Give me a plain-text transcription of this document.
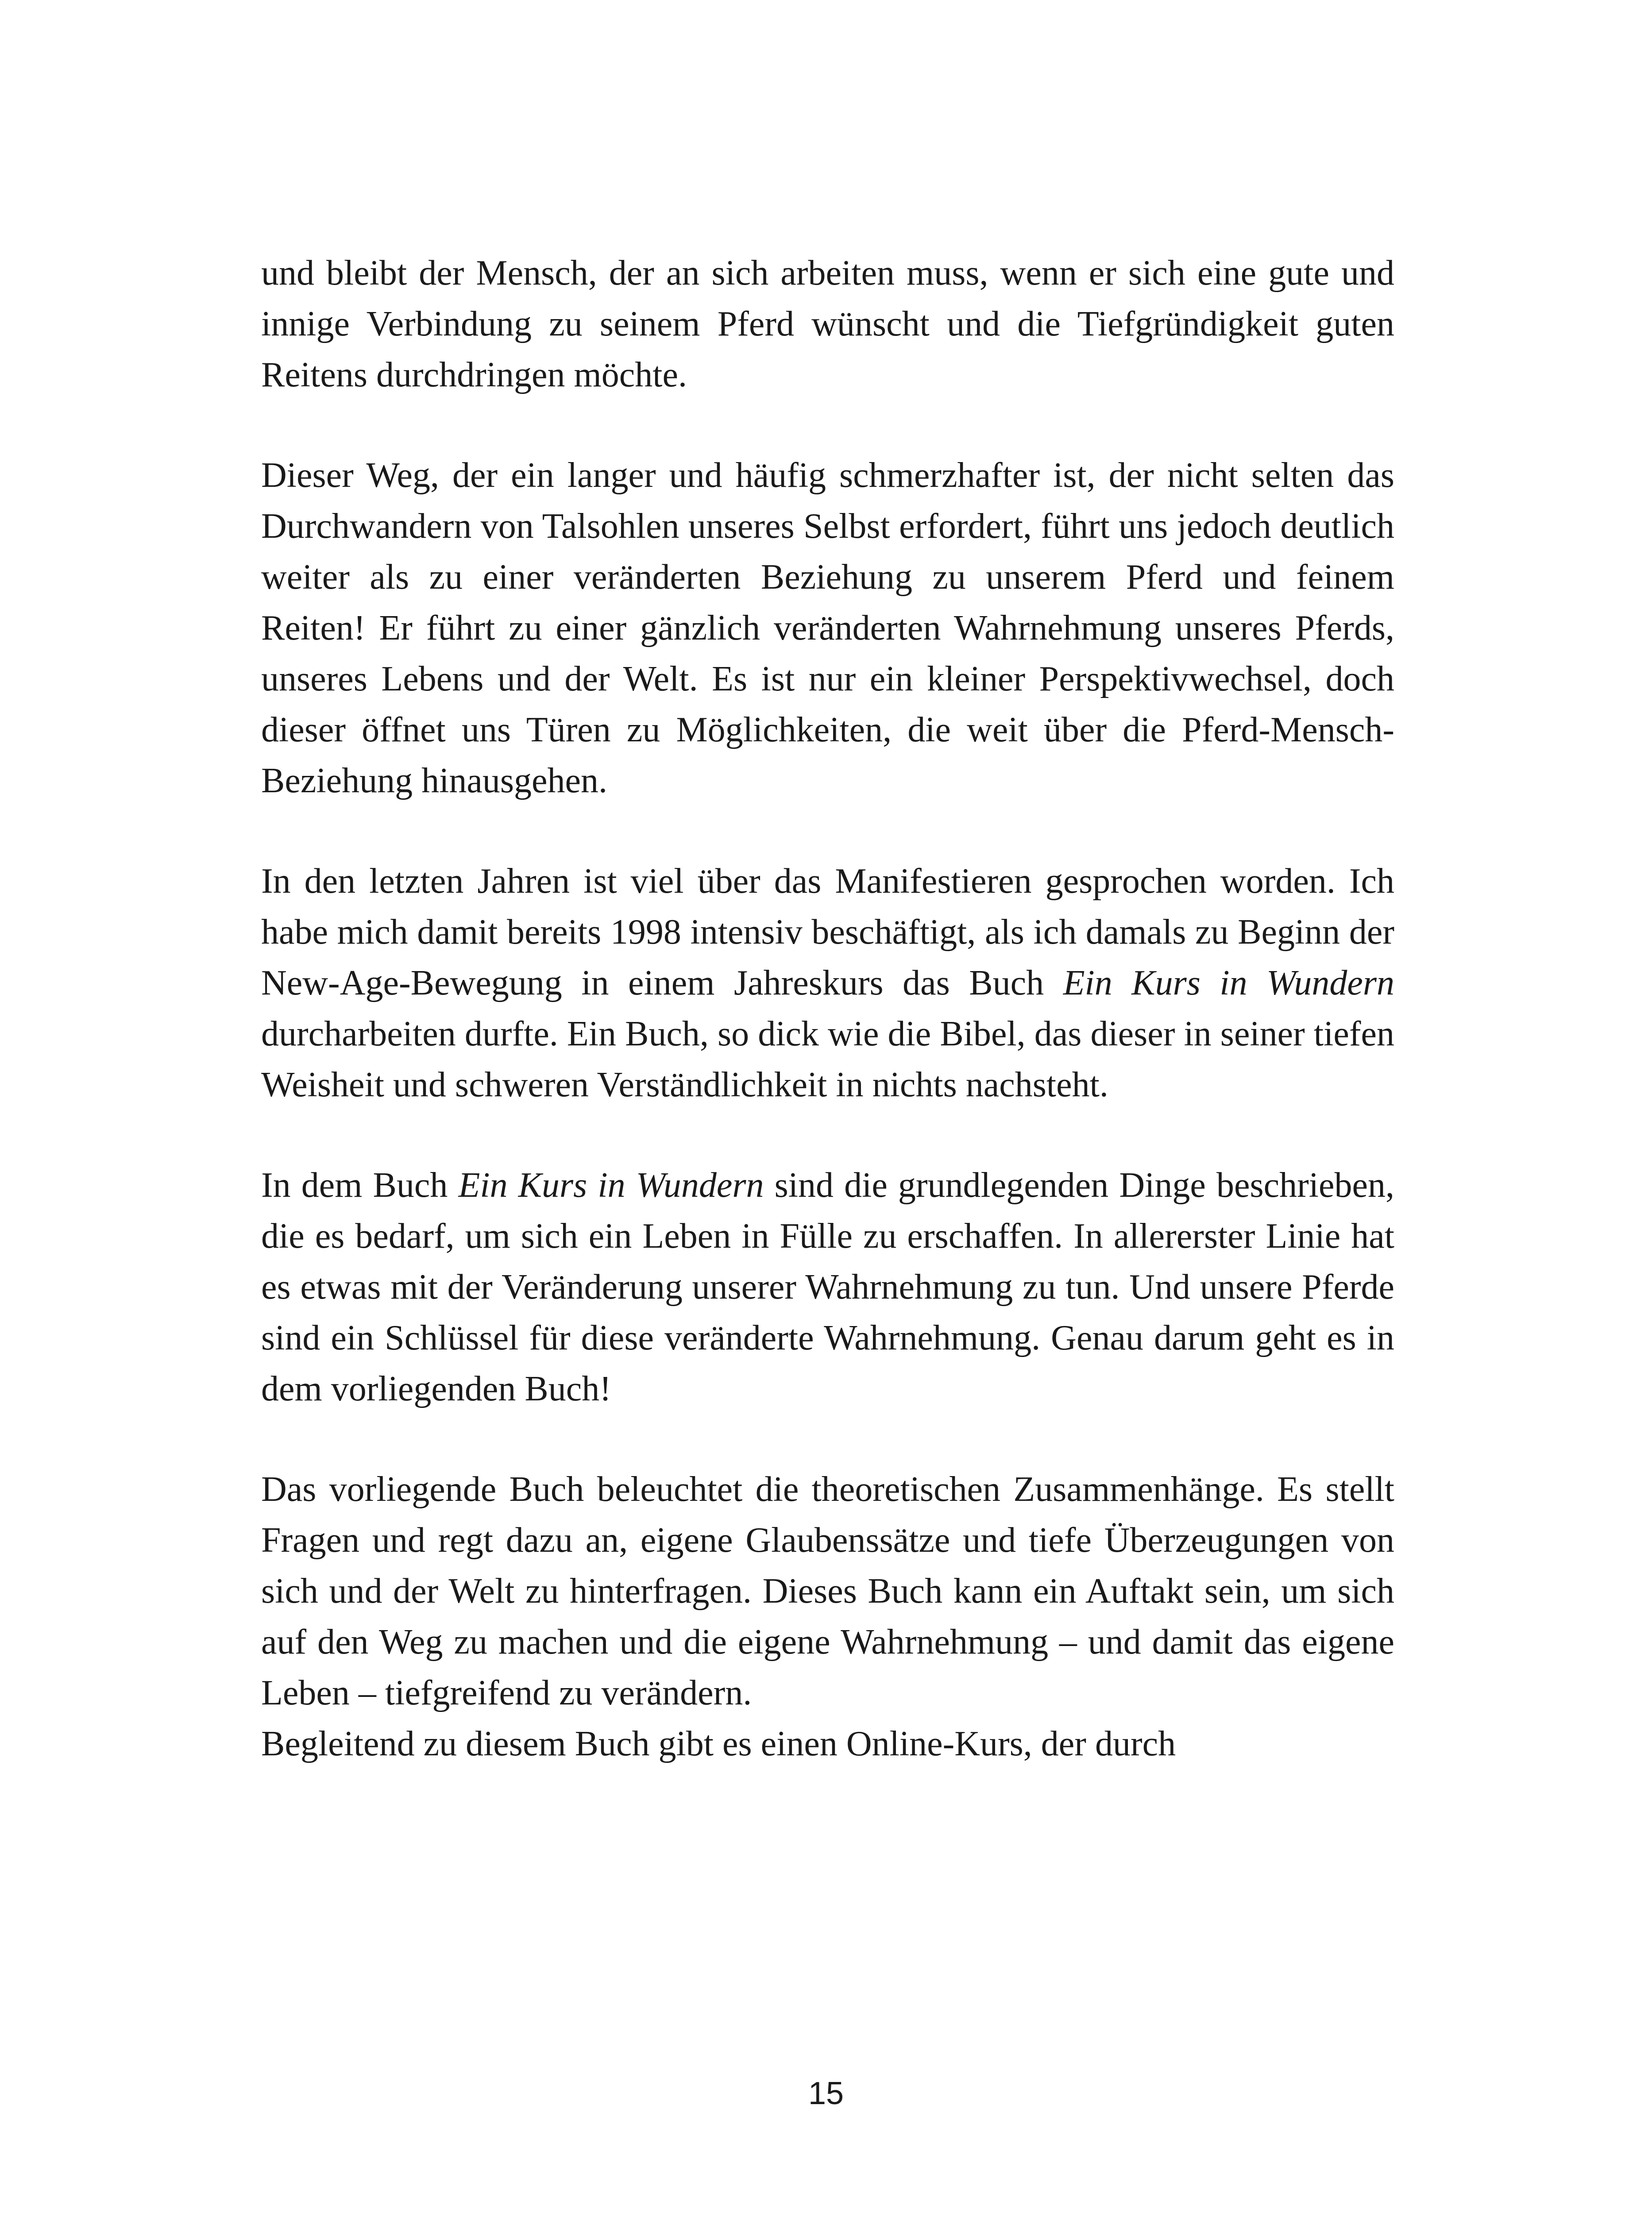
und bleibt der Mensch, der an sich arbeiten muss, wenn er sich eine gute und innige Verbindung zu seinem Pferd wünscht und die Tiefgründigkeit guten Reitens durchdringen möchte.

Dieser Weg, der ein langer und häufig schmerzhafter ist, der nicht selten das Durchwandern von Talsohlen unseres Selbst erfordert, führt uns jedoch deutlich weiter als zu einer veränderten Beziehung zu unserem Pferd und feinem Reiten! Er führt zu einer gänzlich veränderten Wahrnehmung unseres Pferds, unseres Lebens und der Welt. Es ist nur ein kleiner Perspektivwechsel, doch dieser öffnet uns Türen zu Möglichkeiten, die weit über die Pferd-Mensch-Beziehung hinausgehen.

In den letzten Jahren ist viel über das Manifestieren gesprochen worden. Ich habe mich damit bereits 1998 intensiv beschäftigt, als ich damals zu Beginn der New-Age-Bewegung in einem Jahreskurs das Buch Ein Kurs in Wundern durcharbeiten durfte. Ein Buch, so dick wie die Bibel, das dieser in seiner tiefen Weisheit und schweren Verständlichkeit in nichts nachsteht.

In dem Buch Ein Kurs in Wundern sind die grundlegenden Dinge beschrieben, die es bedarf, um sich ein Leben in Fülle zu erschaffen. In allererster Linie hat es etwas mit der Veränderung unserer Wahrnehmung zu tun. Und unsere Pferde sind ein Schlüssel für diese veränderte Wahrnehmung. Genau darum geht es in dem vorliegenden Buch!

Das vorliegende Buch beleuchtet die theoretischen Zusammenhänge. Es stellt Fragen und regt dazu an, eigene Glaubenssätze und tiefe Überzeugungen von sich und der Welt zu hinterfragen. Dieses Buch kann ein Auftakt sein, um sich auf den Weg zu machen und die eigene Wahrnehmung – und damit das eigene Leben – tiefgreifend zu verändern.

Begleitend zu diesem Buch gibt es einen Online-Kurs, der durch

15
